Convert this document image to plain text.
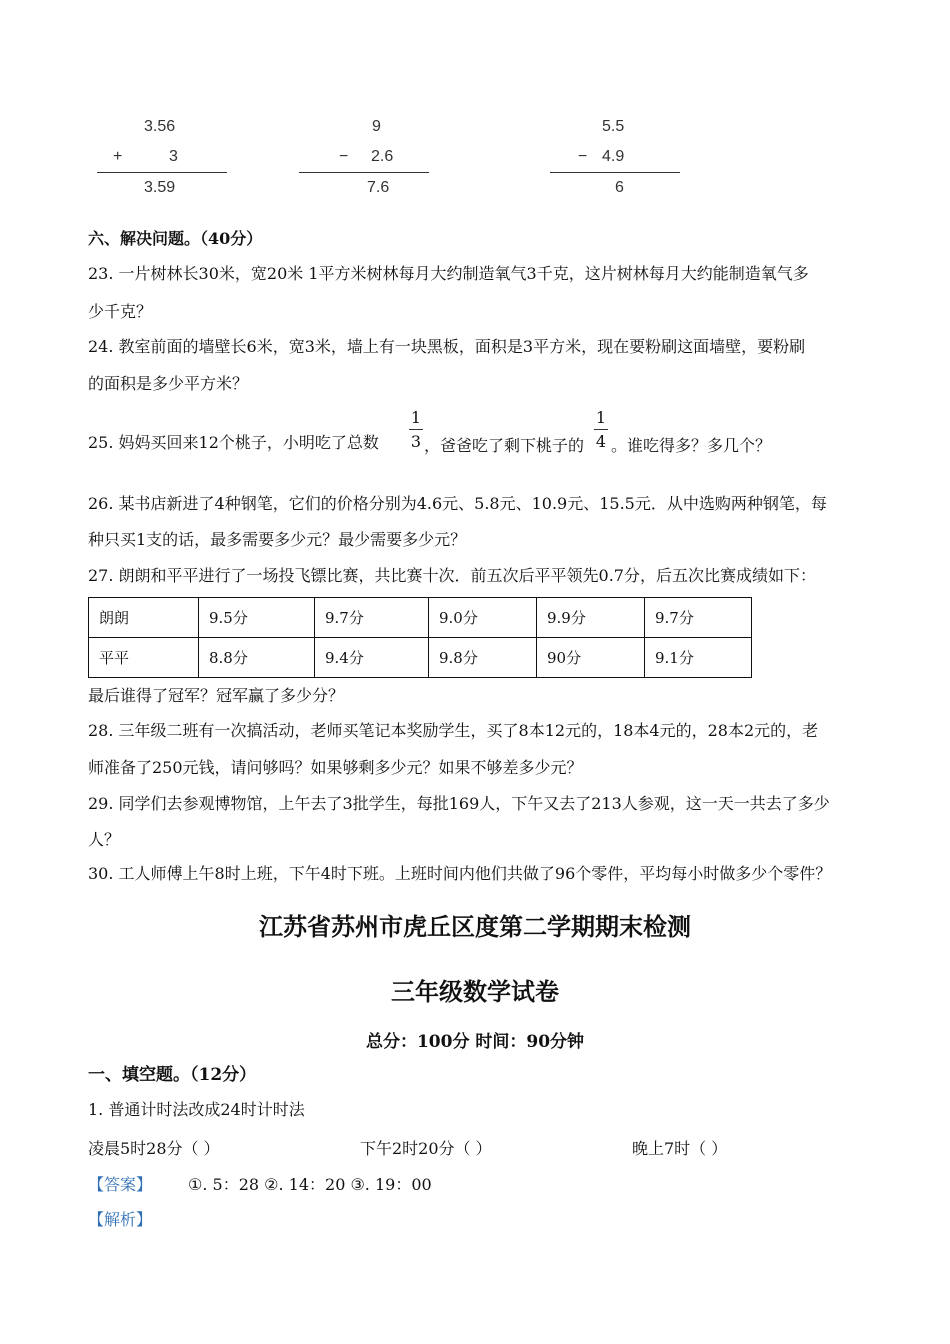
3.56
+	3
3.59
9
− 2.6
7.6
5.5
− 4.9
6
六、解决问题。（40分）
23. 一片树林长30米，宽20米 1平方米树林每月大约制造氧气3千克，这片树林每月大约能制造氧气多
少千克？
24. 教室前面的墙壁长6米，宽3米，墙上有一块黑板，面积是3平方米，现在要粉刷这面墙壁，要粉刷
的面积是多少平方米？
25. 妈妈买回来12个桃子，小明吃了总数
1
3 ，爸爸吃了剩下桃子的
1
4 。谁吃得多？多几个？
26. 某书店新进了4种钢笔，它们的价格分别为4.6元、5.8元、10.9元、15.5元．从中选购两种钢笔，每
种只买1支的话，最多需要多少元？最少需要多少元？
27. 朗朗和平平进行了一场投飞镖比赛，共比赛十次．前五次后平平领先0.7分，后五次比赛成绩如下：
朗朗	9.5分	9.7分	9.0分	9.9分	9.7分
平平	8.8分	9.4分	9.8分	90分	9.1分
最后谁得了冠军？冠军赢了多少分？
28. 三年级二班有一次搞活动，老师买笔记本奖励学生，买了8本12元的，18本4元的，28本2元的，老
师准备了250元钱，请问够吗？如果够剩多少元？如果不够差多少元？
29. 同学们去参观博物馆，上午去了3批学生，每批169人，下午又去了213人参观，这一天一共去了多少
人？
30. 工人师傅上午8时上班，下午4时下班。上班时间内他们共做了96个零件，平均每小时做多少个零件？
江苏省苏州市虎丘区度第二学期期末检测
三年级数学试卷
总分：100分 时间：90分钟
一、填空题。（12分）
1. 普通计时法改成24时计时法
凌晨5时28分（ ）	下午2时20分（ ）	晚上7时（ ）
【答案】 ①. 5：28 ②. 14：20 ③. 19：00
【解析】
